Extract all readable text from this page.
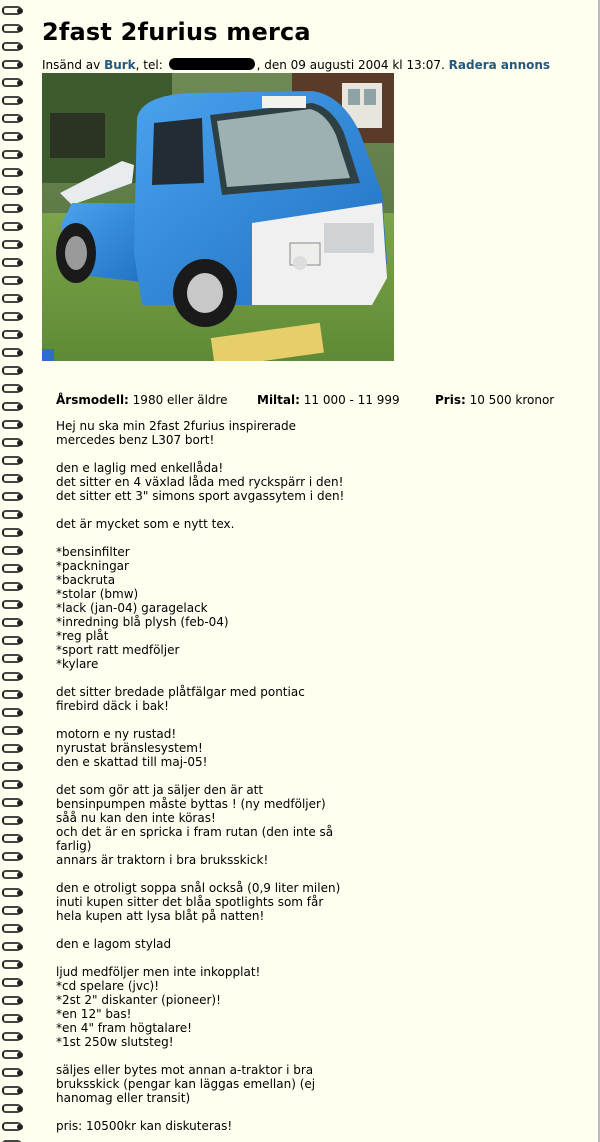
2fast 2furius merca
Insänd av Burk, tel:	, den 09 augusti 2004 kl 13:07. Radera annons
Årsmodell: 1980 eller äldre	Miltal: 11 000 - 11 999	Pris: 10 500 kronor
Hej nu ska min 2fast 2furius inspirerade
mercedes benz L307 bort!

den e laglig med enkellåda!
det sitter en 4 växlad låda med ryckspärr i den!
det sitter ett 3" simons sport avgassytem i den!

det är mycket som e nytt tex.

*bensinfilter
*packningar
*backruta
*stolar (bmw)
*lack (jan-04) garagelack
*inredning blå plysh (feb-04)
*reg plåt
*sport ratt medföljer
*kylare

det sitter bredade plåtfälgar med pontiac
firebird däck i bak!

motorn e ny rustad!
nyrustat bränslesystem!
den e skattad till maj-05!

det som gör att ja säljer den är att
bensinpumpen måste byttas ! (ny medföljer)
såå nu kan den inte köras!
och det är en spricka i fram rutan (den inte så
farlig)
annars är traktorn i bra bruksskick!

den e otroligt soppa snål också (0,9 liter milen)
inuti kupen sitter det blåa spotlights som får
hela kupen att lysa blåt på natten!

den e lagom stylad

ljud medföljer men inte inkopplat!
*cd spelare (jvc)!
*2st 2" diskanter (pioneer)!
*en 12" bas!
*en 4" fram högtalare!
*1st 250w slutsteg!

säljes eller bytes mot annan a-traktor i bra
bruksskick (pengar kan läggas emellan) (ej
hanomag eller transit)

pris: 10500kr kan diskuteras!
